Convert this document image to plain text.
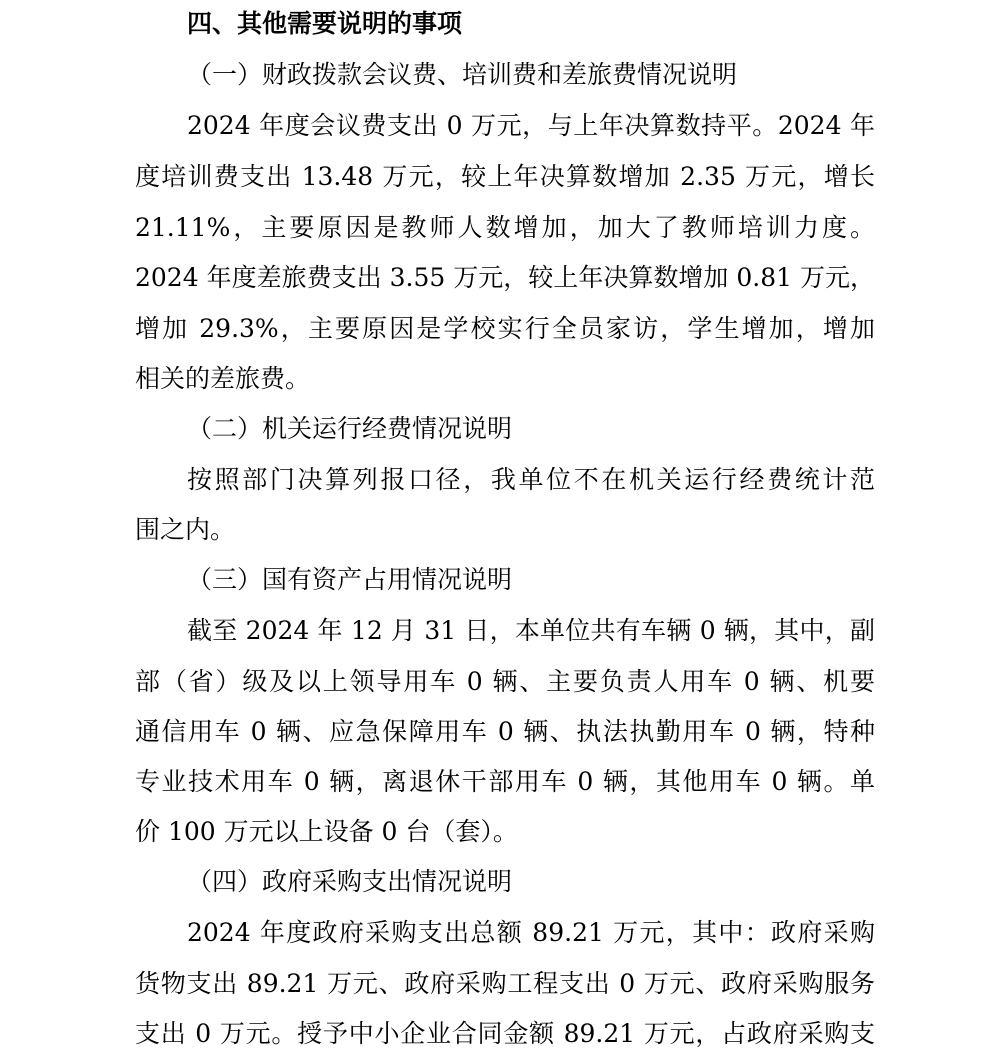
四、其他需要说明的事项
（一）财政拨款会议费、培训费和差旅费情况说明
2024 年度会议费支出 0 万元，与上年决算数持平。2024 年
度培训费支出 13.48 万元，较上年决算数增加 2.35 万元，增长
21.11%，主要原因是教师人数增加，加大了教师培训力度。
2024 年度差旅费支出 3.55 万元，较上年决算数增加 0.81 万元，
增加 29.3%，主要原因是学校实行全员家访，学生增加，增加
相关的差旅费。
（二）机关运行经费情况说明
按照部门决算列报口径，我单位不在机关运行经费统计范
围之内。
（三）国有资产占用情况说明
截至 2024 年 12 月 31 日，本单位共有车辆 0 辆，其中，副
部（省）级及以上领导用车 0 辆、主要负责人用车 0 辆、机要
通信用车 0 辆、应急保障用车 0 辆、执法执勤用车 0 辆，特种
专业技术用车 0 辆，离退休干部用车 0 辆，其他用车 0 辆。单
价 100 万元以上设备 0 台（套）。
（四）政府采购支出情况说明
2024 年度政府采购支出总额 89.21 万元，其中：政府采购
货物支出 89.21 万元、政府采购工程支出 0 万元、政府采购服务
支出 0 万元。授予中小企业合同金额 89.21 万元，占政府采购支
